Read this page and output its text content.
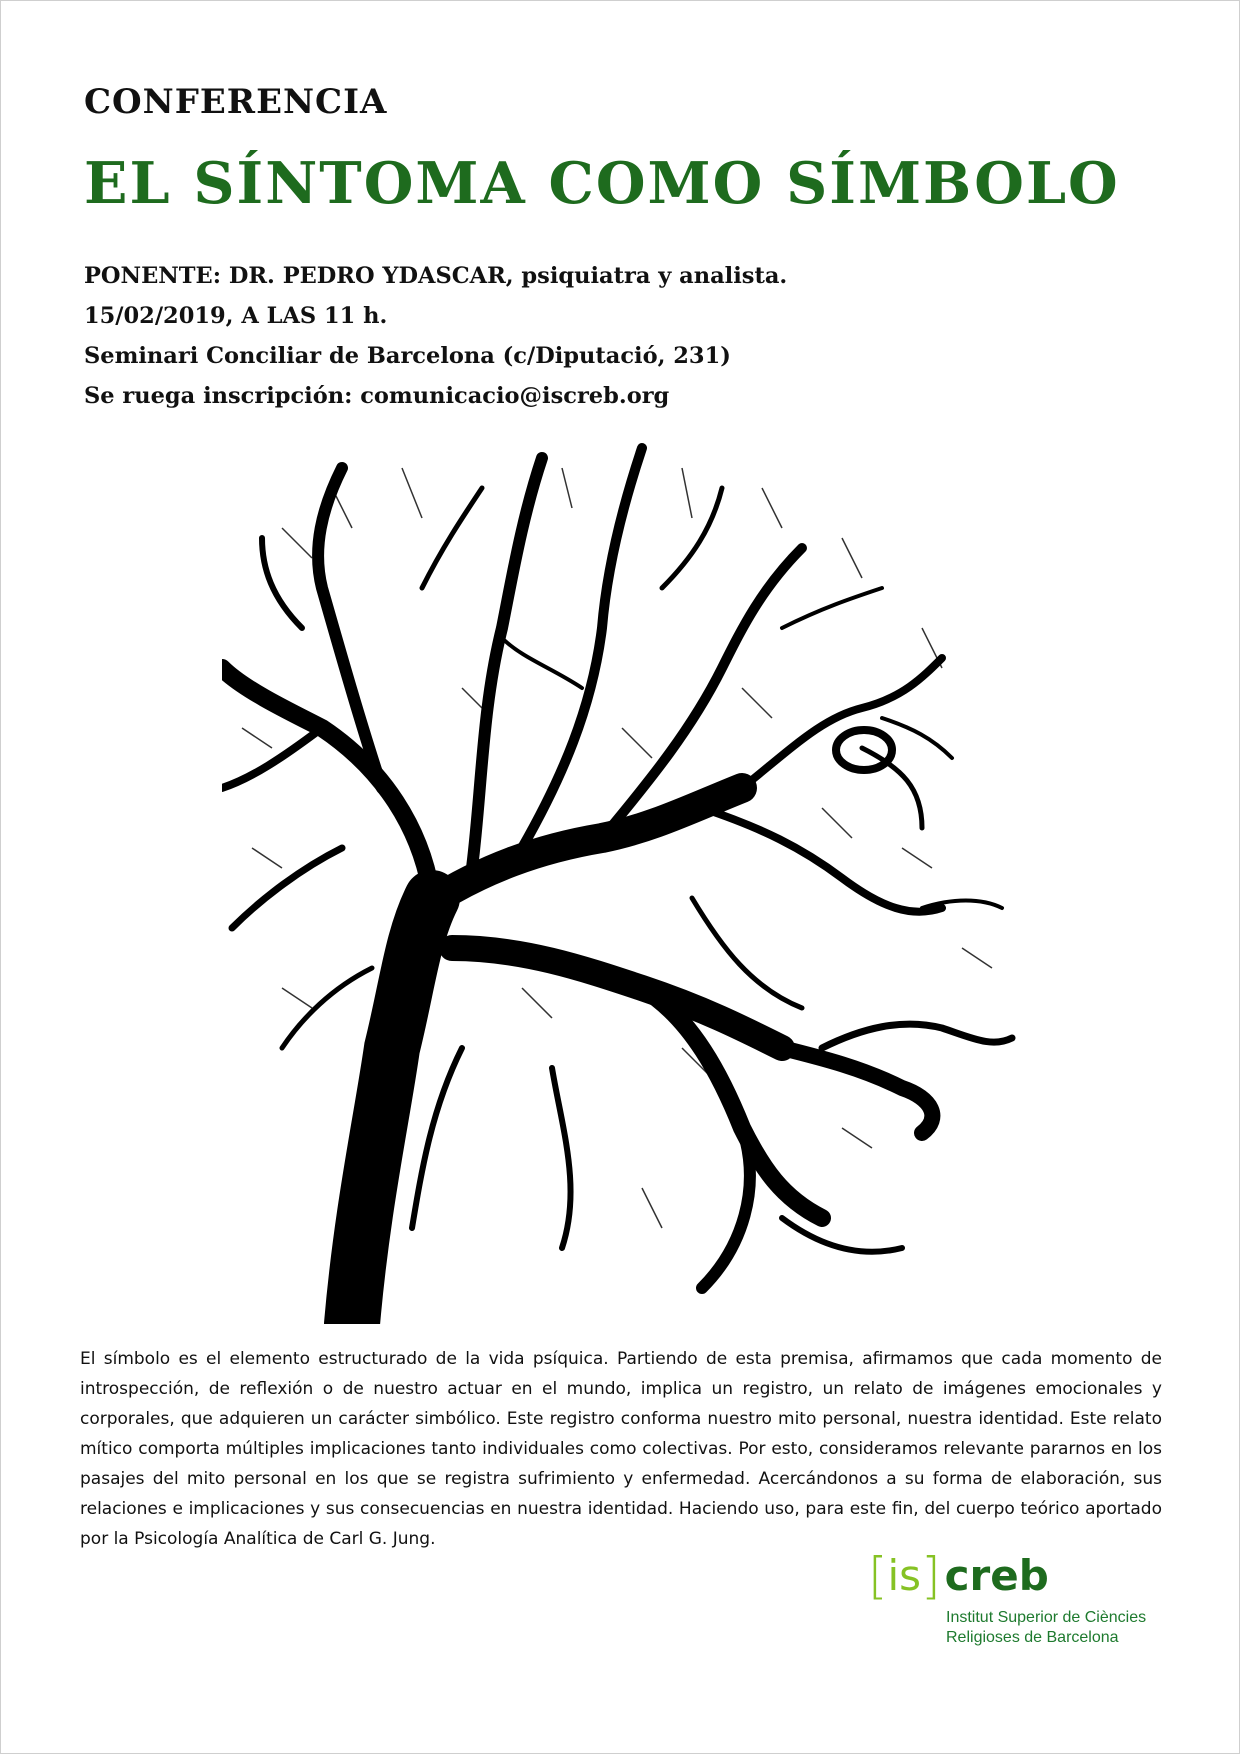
CONFERENCIA
EL SÍNTOMA COMO SÍMBOLO
PONENTE: DR. PEDRO YDASCAR, psiquiatra y analista.
15/02/2019, A LAS 11 h.
Seminari Conciliar de Barcelona (c/Diputació, 231)
Se ruega inscripción: comunicacio@iscreb.org
El símbolo es el elemento estructurado de la vida psíquica. Partiendo de esta premisa, afirmamos que cada momento de introspección, de reflexión o de nuestro actuar en el mundo, implica un registro, un relato de imágenes emocionales y corporales, que adquieren un carácter simbólico. Este registro conforma nuestro mito personal, nuestra identidad. Este relato mítico comporta múltiples implicaciones tanto individuales como colectivas. Por esto, consideramos relevante pararnos en los pasajes del mito personal en los que se registra sufrimiento y enfermedad. Acercándonos a su forma de elaboración, sus relaciones e implicaciones y sus consecuencias en nuestra identidad. Haciendo uso, para este fin, del cuerpo teórico aportado por la Psicología Analítica de Carl G. Jung.
[is]creb
Institut Superior de Ciències
Religioses de Barcelona
